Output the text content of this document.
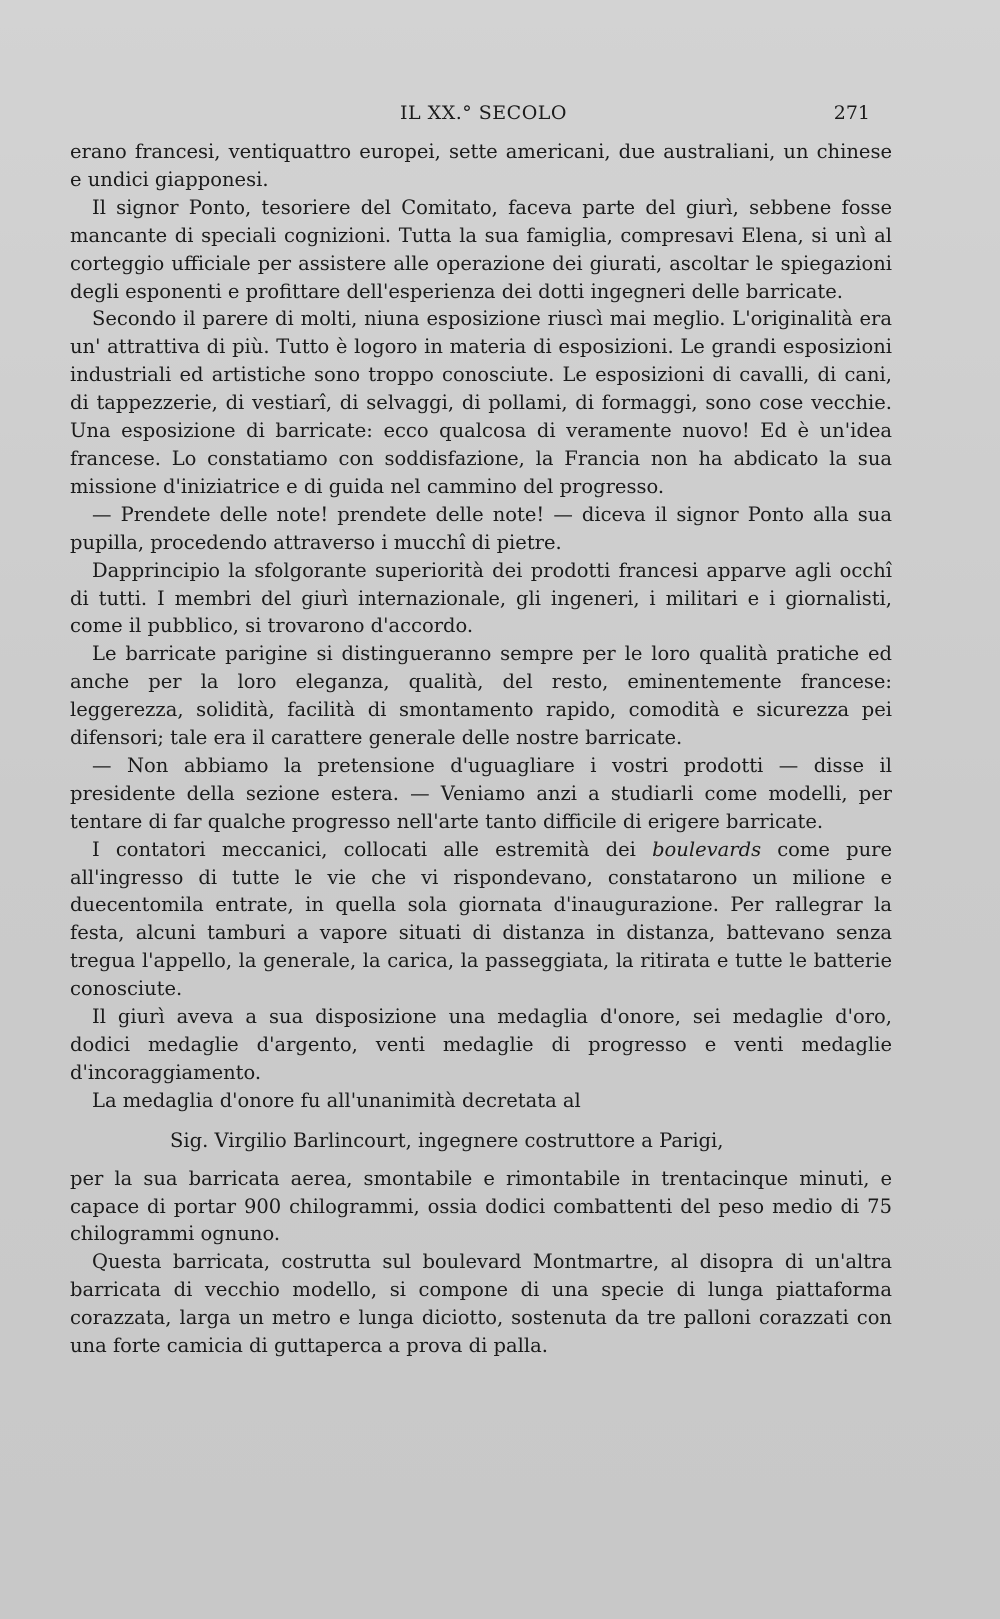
IL XX.° SECOLO	271

erano francesi, ventiquattro europei, sette americani, due australiani, un chinese e undici giapponesi.

Il signor Ponto, tesoriere del Comitato, faceva parte del giurì, sebbene fosse mancante di speciali cognizioni. Tutta la sua famiglia, compresavi Elena, si unì al corteggio ufficiale per assistere alle operazione dei giurati, ascoltar le spiegazioni degli esponenti e profittare dell'esperienza dei dotti ingegneri delle barricate.

Secondo il parere di molti, niuna esposizione riuscì mai meglio. L'originalità era un' attrattiva di più. Tutto è logoro in materia di esposizioni. Le grandi esposizioni industriali ed artistiche sono troppo conosciute. Le esposizioni di cavalli, di cani, di tappezzerie, di vestiarî, di selvaggi, di pollami, di formaggi, sono cose vecchie. Una esposizione di barricate: ecco qualcosa di veramente nuovo! Ed è un'idea francese. Lo constatiamo con soddisfazione, la Francia non ha abdicato la sua missione d'iniziatrice e di guida nel cammino del progresso.

— Prendete delle note! prendete delle note! — diceva il signor Ponto alla sua pupilla, procedendo attraverso i mucchî di pietre.

Dapprincipio la sfolgorante superiorità dei prodotti francesi apparve agli occhî di tutti. I membri del giurì internazionale, gli ingeneri, i militari e i giornalisti, come il pubblico, si trovarono d'accordo.

Le barricate parigine si distingueranno sempre per le loro qualità pratiche ed anche per la loro eleganza, qualità, del resto, eminentemente francese: leggerezza, solidità, facilità di smontamento rapido, comodità e sicurezza pei difensori; tale era il carattere generale delle nostre barricate.

— Non abbiamo la pretensione d'uguagliare i vostri prodotti — disse il presidente della sezione estera. — Veniamo anzi a studiarli come modelli, per tentare di far qualche progresso nell'arte tanto difficile di erigere barricate.

I contatori meccanici, collocati alle estremità dei boulevards come pure all'ingresso di tutte le vie che vi rispondevano, constatarono un milione e duecentomila entrate, in quella sola giornata d'inaugurazione. Per rallegrar la festa, alcuni tamburi a vapore situati di distanza in distanza, battevano senza tregua l'appello, la generale, la carica, la passeggiata, la ritirata e tutte le batterie conosciute.

Il giurì aveva a sua disposizione una medaglia d'onore, sei medaglie d'oro, dodici medaglie d'argento, venti medaglie di progresso e venti medaglie d'incoraggiamento.

La medaglia d'onore fu all'unanimità decretata al

Sig. Virgilio Barlincourt, ingegnere costruttore a Parigi,

per la sua barricata aerea, smontabile e rimontabile in trentacinque minuti, e capace di portar 900 chilogrammi, ossia dodici combattenti del peso medio di 75 chilogrammi ognuno.

Questa barricata, costrutta sul boulevard Montmartre, al disopra di un'altra barricata di vecchio modello, si compone di una specie di lunga piattaforma corazzata, larga un metro e lunga diciotto, sostenuta da tre palloni corazzati con una forte camicia di guttaperca a prova di palla.
